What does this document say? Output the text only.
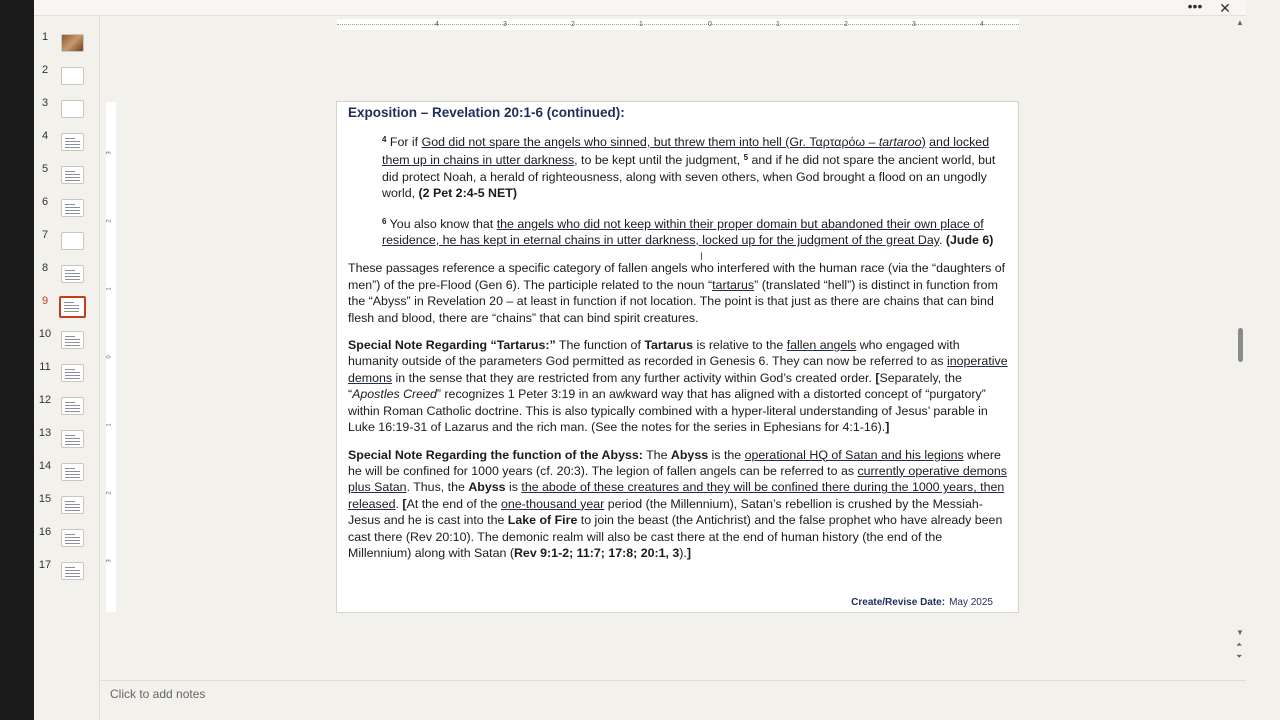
••• ✕
1
2
3
4
5
6
7
8
9
10
11
12
13
14
15
16
17
4	3	2	1	0	1	2	3	4
3
2
1
0
1
2
3
Exposition – Revelation 20:1-6 (continued):
$^4$ For if God did not spare the angels who sinned, but threw them into hell (Gr. Ταρταρόω – tartaroo) and locked them up in chains in utter darkness, to be kept until the judgment, $^5$ and if he did not spare the ancient world, but did protect Noah, a herald of righteousness, along with seven others, when God brought a flood on an ungodly world, (2 Pet 2:4-5 NET)
$^6$ You also know that the angels who did not keep within their proper domain but abandoned their own place of residence, he has kept in eternal chains in utter darkness, locked up for the judgment of the great Day. (Jude 6)
These passages reference a specific category of fallen angels who interfered with the human race (via the “daughters of men”) of the pre-Flood (Gen 6). The participle related to the noun “tartarus” (translated “hell”) is distinct in function from the “Abyss” in Revelation 20 – at least in function if not location. The point is that just as there are chains that can bind flesh and blood, there are “chains” that can bind spirit creatures.
Special Note Regarding “Tartarus:” The function of Tartarus is relative to the fallen angels who engaged with humanity outside of the parameters God permitted as recorded in Genesis 6. They can now be referred to as inoperative demons in the sense that they are restricted from any further activity within God’s created order. [Separately, the “Apostles Creed” recognizes 1 Peter 3:19 in an awkward way that has aligned with a distorted concept of “purgatory” within Roman Catholic doctrine. This is also typically combined with a hyper-literal understanding of Jesus’ parable in Luke 16:19-31 of Lazarus and the rich man. (See the notes for the series in Ephesians for 4:1-16).]
Special Note Regarding the function of the Abyss: The Abyss is the operational HQ of Satan and his legions where he will be confined for 1000 years (cf. 20:3). The legion of fallen angels can be referred to as currently operative demons plus Satan. Thus, the Abyss is the abode of these creatures and they will be confined there during the 1000 years, then released. [At the end of the one-thousand year period (the Millennium), Satan’s rebellion is crushed by the Messiah-Jesus and he is cast into the Lake of Fire to join the beast (the Antichrist) and the false prophet who have already been cast there (Rev 20:10). The demonic realm will also be cast there at the end of human history (the end of the Millennium) along with Satan (Rev 9:1-2; 11:7; 17:8; 20:1, 3).]
Create/Revise Date: May 2025
I
▲
▼
⏶
⏷
Click to add notes
